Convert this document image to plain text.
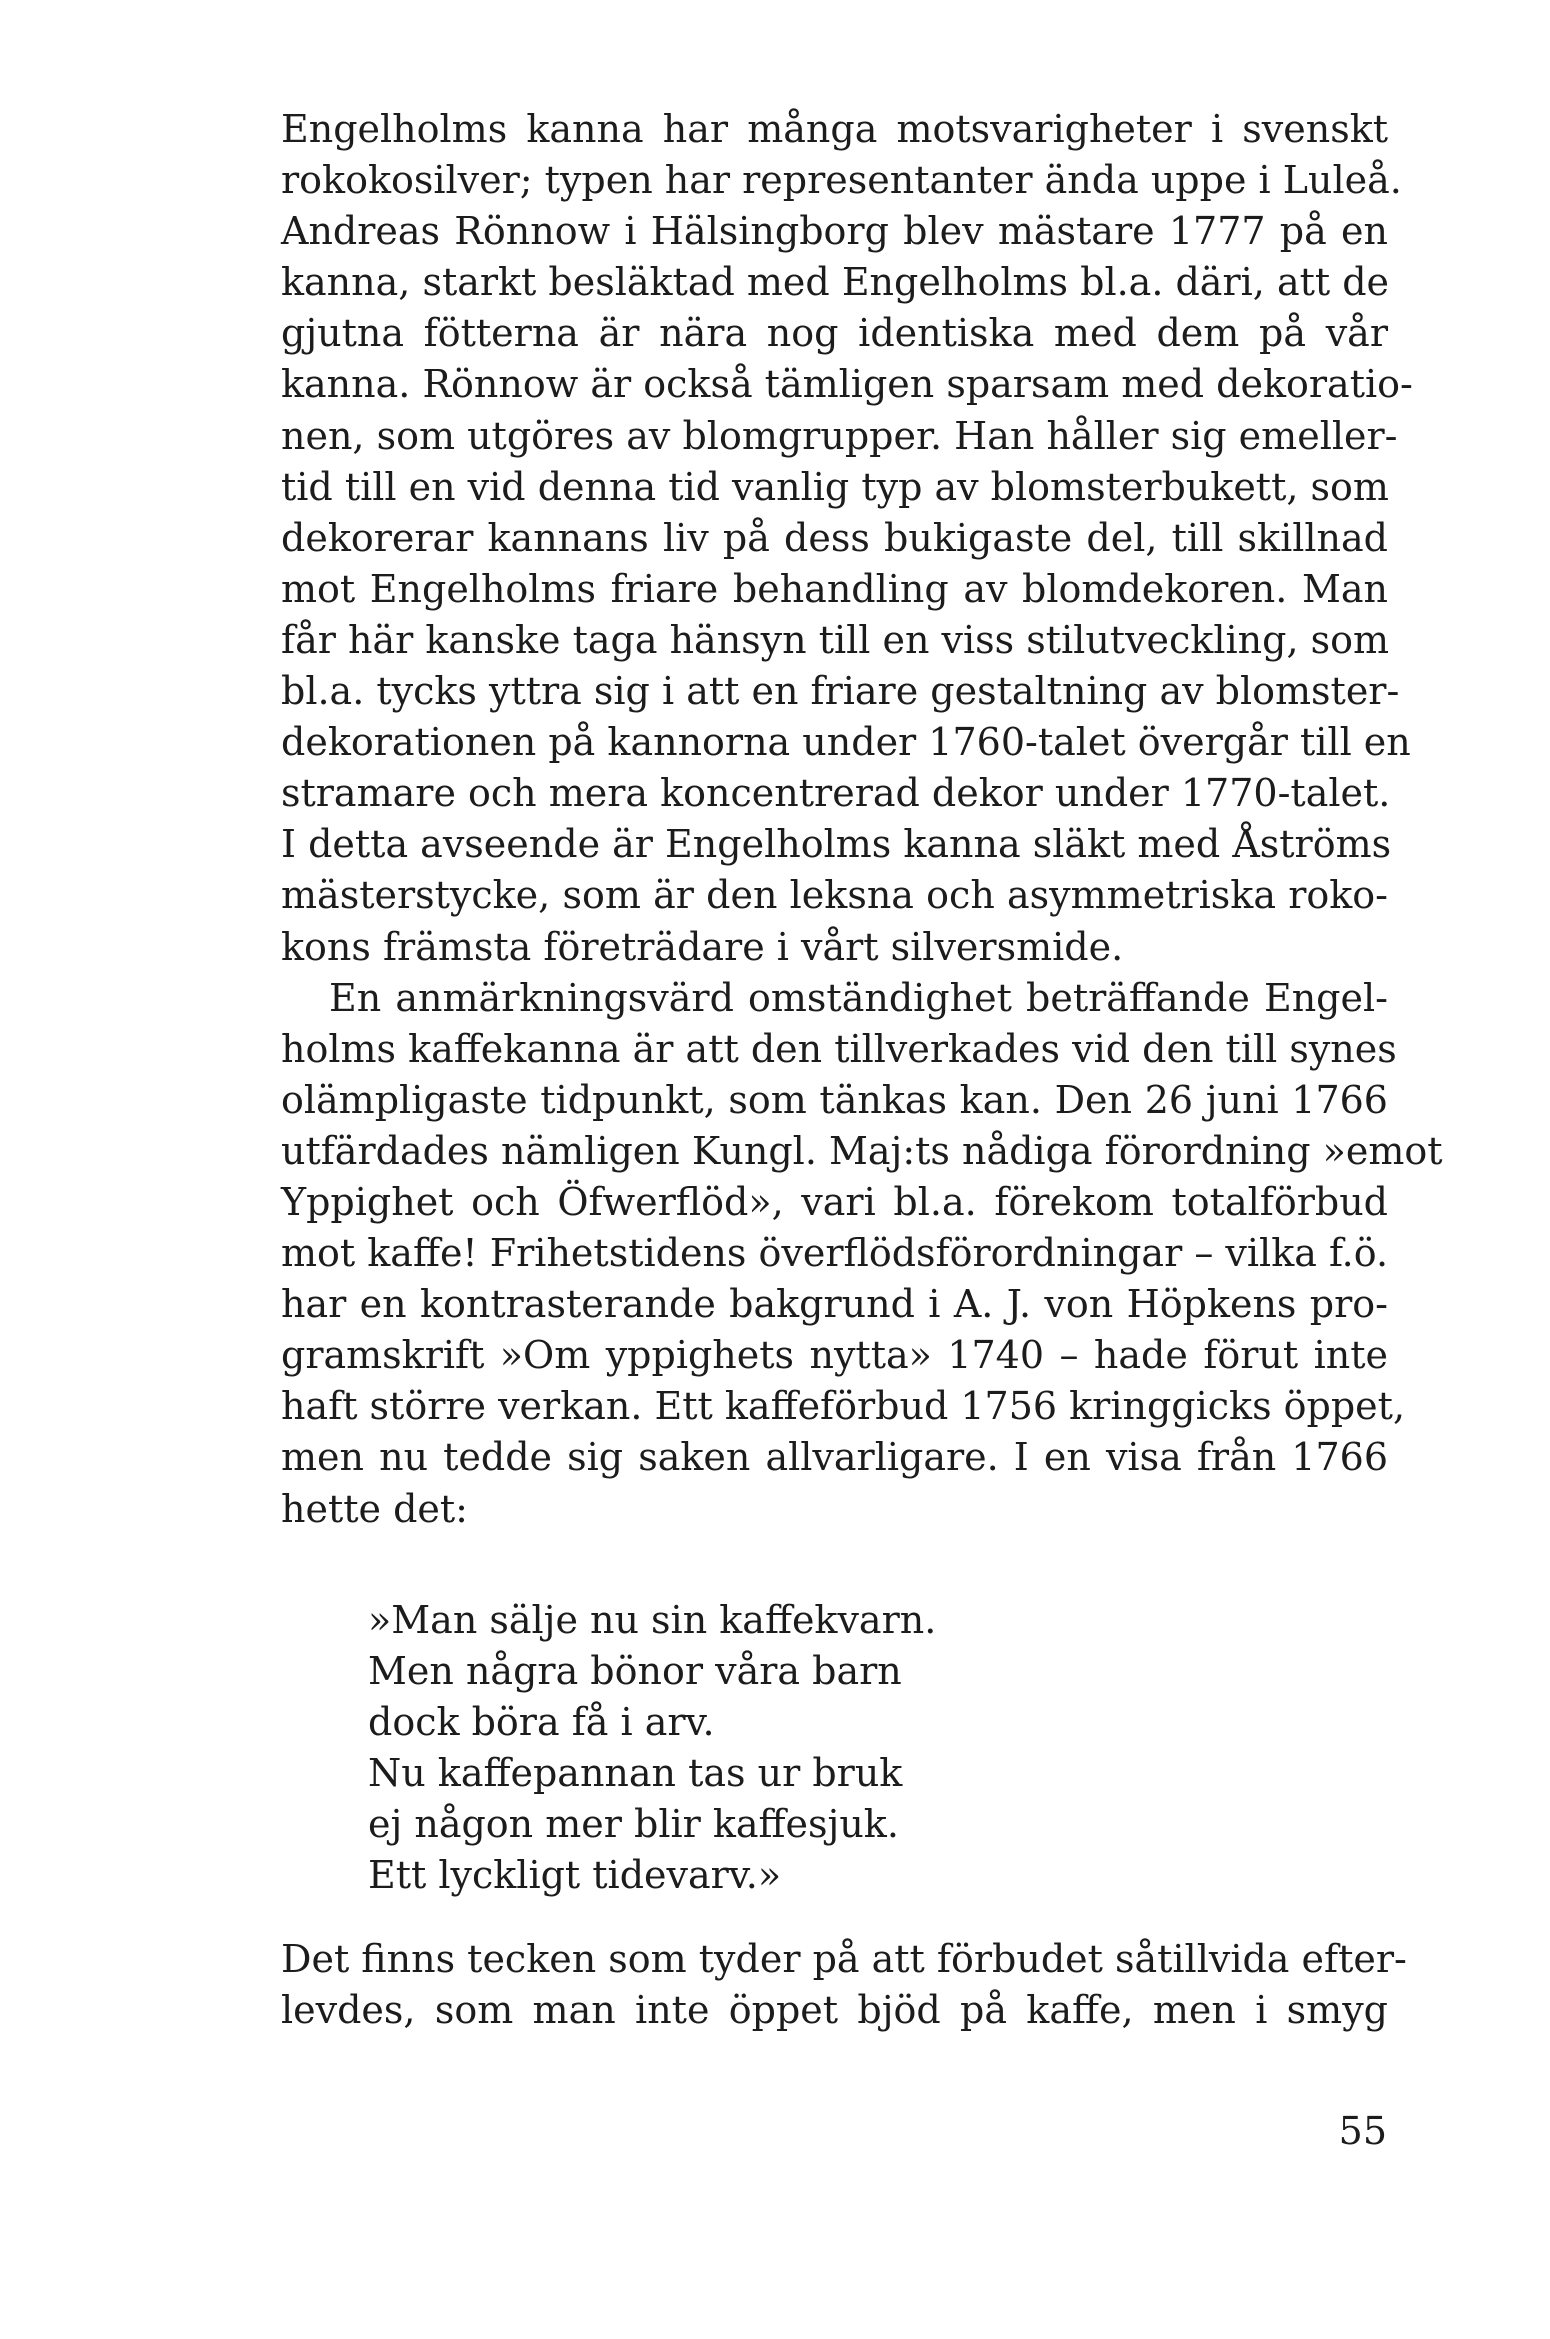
Engelholms kanna har många motsvarigheter i svenskt
rokokosilver; typen har representanter ända uppe i Luleå.
Andreas Rönnow i Hälsingborg blev mästare 1777 på en
kanna, starkt besläktad med Engelholms bl.a. däri, att de
gjutna fötterna är nära nog identiska med dem på vår
kanna. Rönnow är också tämligen sparsam med dekoratio-
nen, som utgöres av blomgrupper. Han håller sig emeller-
tid till en vid denna tid vanlig typ av blomsterbukett, som
dekorerar kannans liv på dess bukigaste del, till skillnad
mot Engelholms friare behandling av blomdekoren. Man
får här kanske taga hänsyn till en viss stilutveckling, som
bl.a. tycks yttra sig i att en friare gestaltning av blomster-
dekorationen på kannorna under 1760-talet övergår till en
stramare och mera koncentrerad dekor under 1770-talet.
I detta avseende är Engelholms kanna släkt med Åströms
mästerstycke, som är den leksna och asymmetriska roko-
kons främsta företrädare i vårt silversmide.
En anmärkningsvärd omständighet beträffande Engel-
holms kaffekanna är att den tillverkades vid den till synes
olämpligaste tidpunkt, som tänkas kan. Den 26 juni 1766
utfärdades nämligen Kungl. Maj:ts nådiga förordning »emot
Yppighet och Öfwerflöd», vari bl.a. förekom totalförbud
mot kaffe! Frihetstidens överflödsförordningar – vilka f.ö.
har en kontrasterande bakgrund i A. J. von Höpkens pro-
gramskrift »Om yppighets nytta» 1740 – hade förut inte
haft större verkan. Ett kaffeförbud 1756 kringgicks öppet,
men nu tedde sig saken allvarligare. I en visa från 1766
hette det:
»Man sälje nu sin kaffekvarn.
Men några bönor våra barn
dock böra få i arv.
Nu kaffepannan tas ur bruk
ej någon mer blir kaffesjuk.
Ett lyckligt tidevarv.»
Det finns tecken som tyder på att förbudet såtillvida efter-
levdes, som man inte öppet bjöd på kaffe, men i smyg
55
